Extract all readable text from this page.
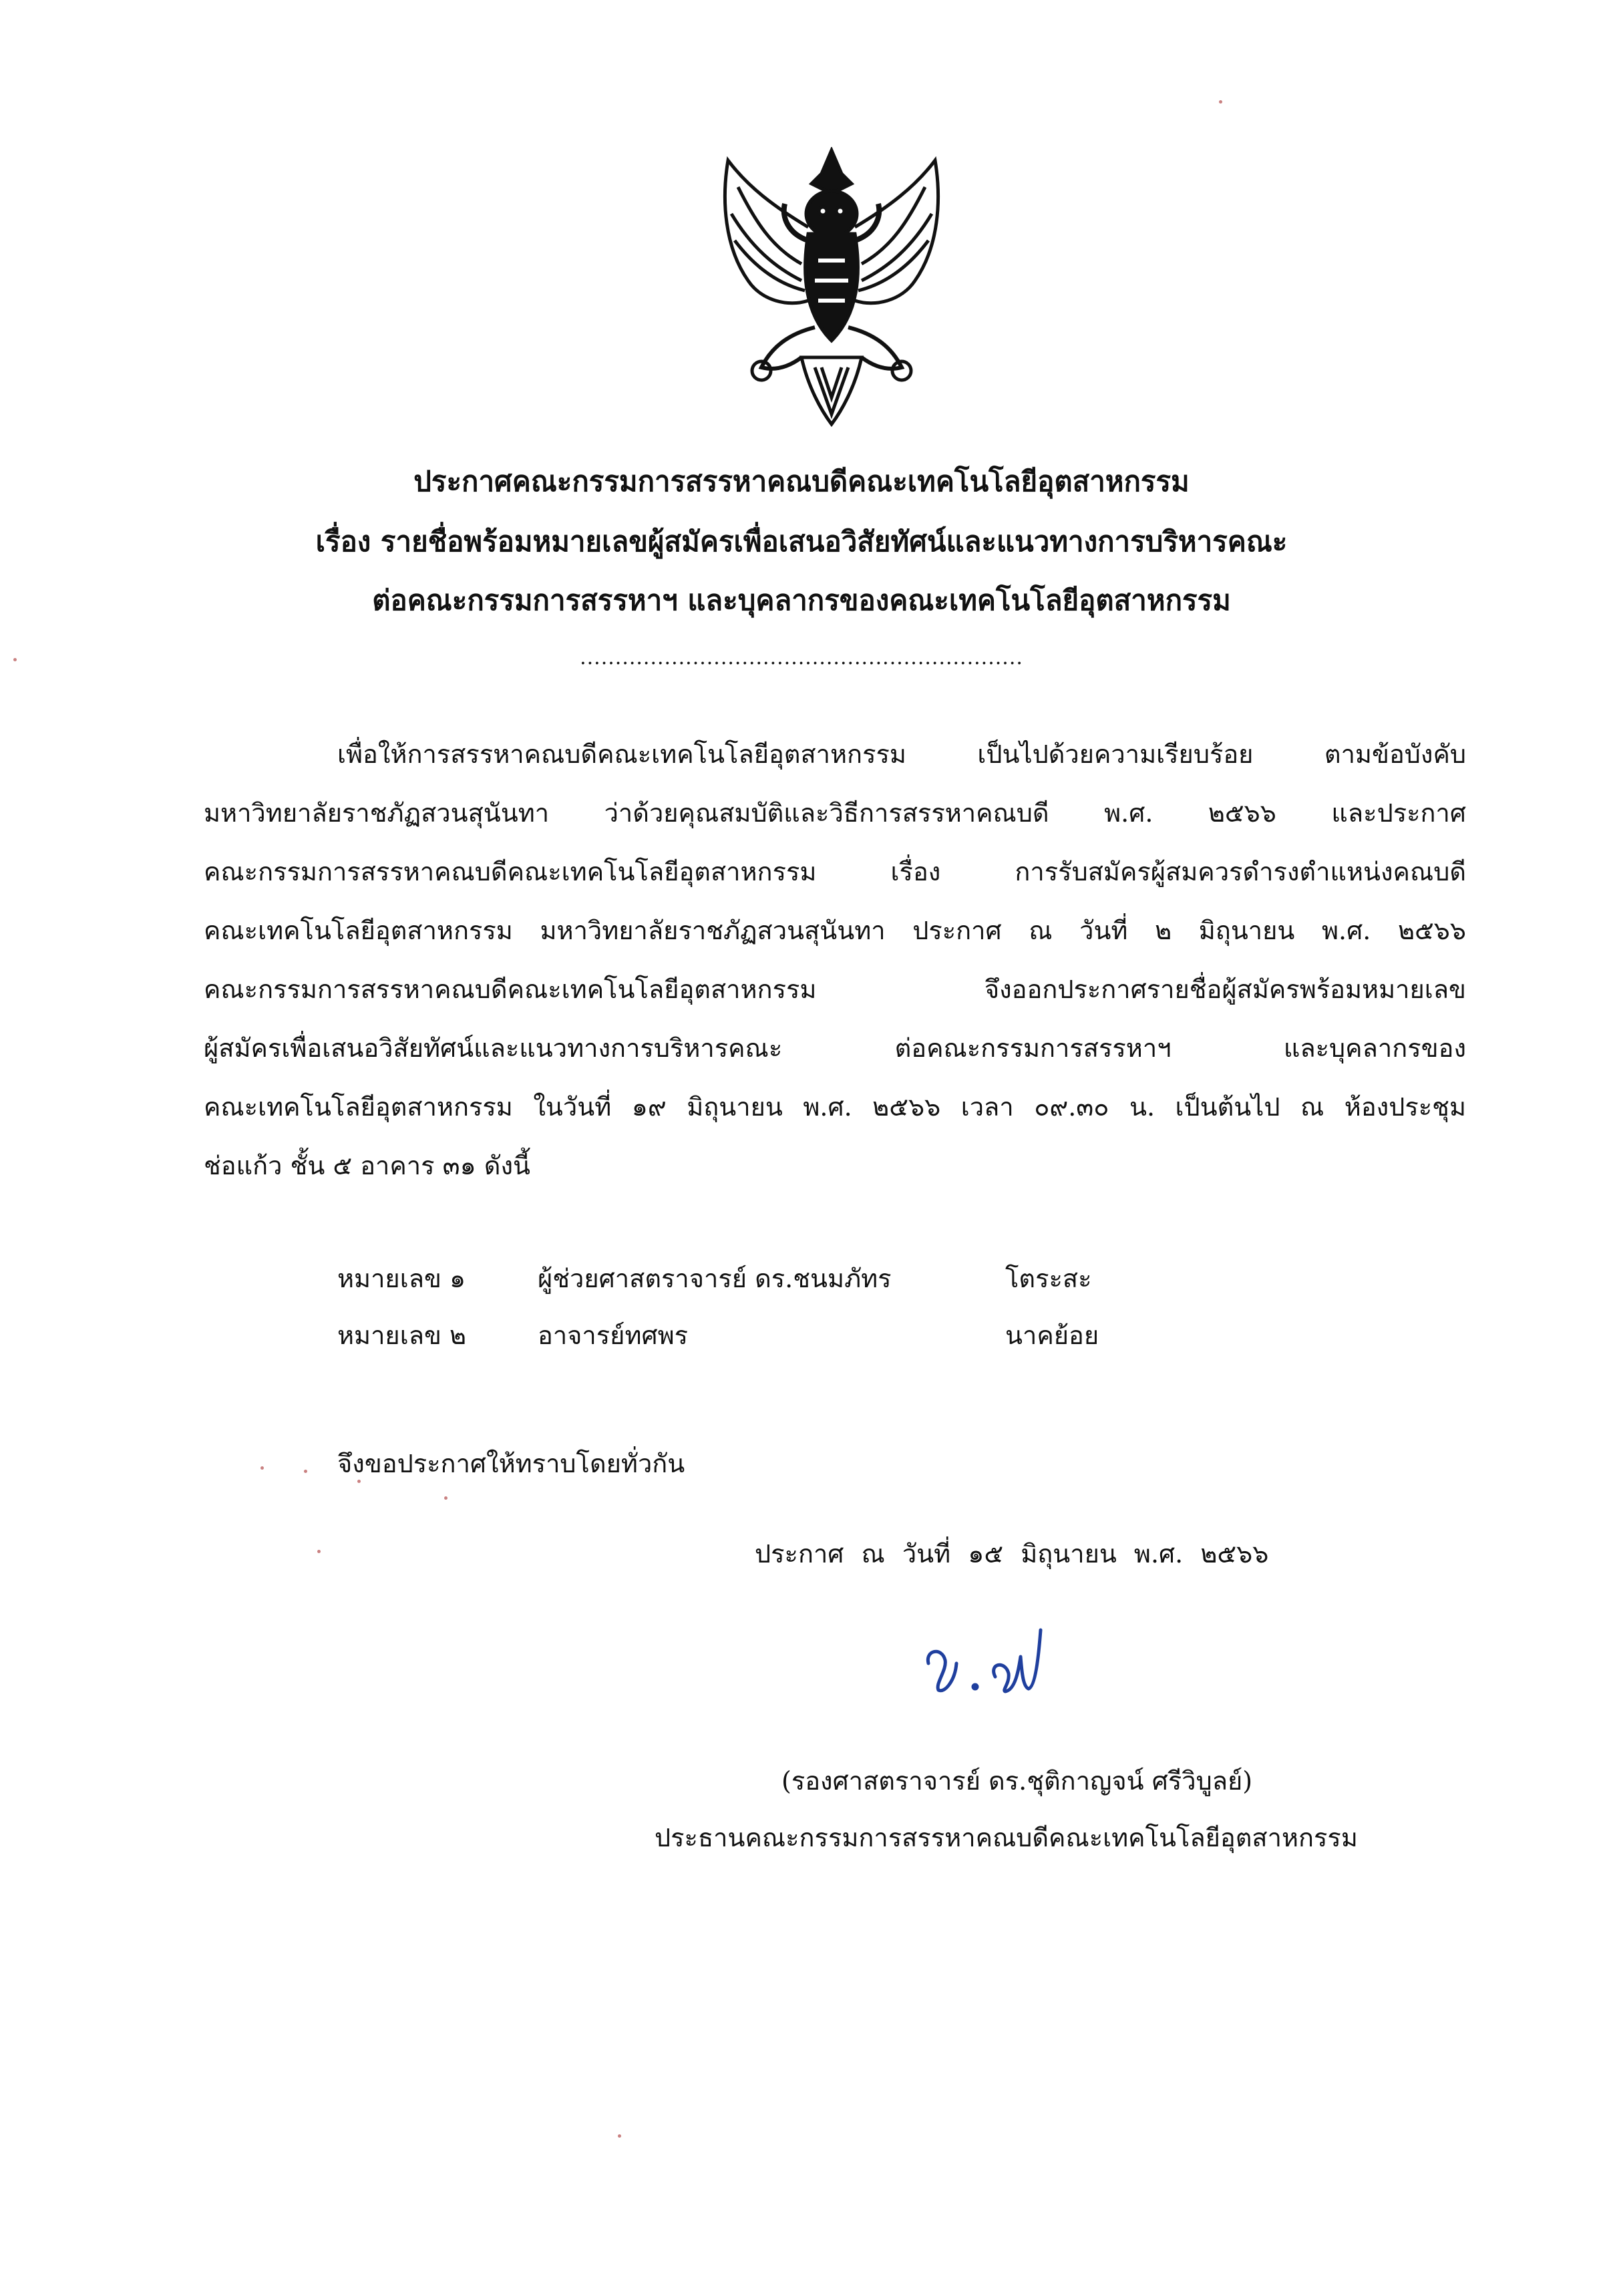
ประกาศคณะกรรมการสรรหาคณบดีคณะเทคโนโลยีอุตสาหกรรม
เรื่อง รายชื่อพร้อมหมายเลขผู้สมัครเพื่อเสนอวิสัยทัศน์และแนวทางการบริหารคณะ
ต่อคณะกรรมการสรรหาฯ และบุคลากรของคณะเทคโนโลยีอุตสาหกรรม
...............................................................
เพื่อให้การสรรหาคณบดีคณะเทคโนโลยีอุตสาหกรรม เป็นไปด้วยความเรียบร้อย ตามข้อบังคับ
มหาวิทยาลัยราชภัฏสวนสุนันทา ว่าด้วยคุณสมบัติและวิธีการสรรหาคณบดี พ.ศ. ๒๕๖๖ และประกาศ
คณะกรรมการสรรหาคณบดีคณะเทคโนโลยีอุตสาหกรรม เรื่อง การรับสมัครผู้สมควรดำรงตำแหน่งคณบดี
คณะเทคโนโลยีอุตสาหกรรม มหาวิทยาลัยราชภัฏสวนสุนันทา ประกาศ ณ วันที่ ๒ มิถุนายน พ.ศ. ๒๕๖๖
คณะกรรมการสรรหาคณบดีคณะเทคโนโลยีอุตสาหกรรม จึงออกประกาศรายชื่อผู้สมัครพร้อมหมายเลข
ผู้สมัครเพื่อเสนอวิสัยทัศน์และแนวทางการบริหารคณะ ต่อคณะกรรมการสรรหาฯ และบุคลากรของ
คณะเทคโนโลยีอุตสาหกรรม ในวันที่ ๑๙ มิถุนายน พ.ศ. ๒๕๖๖ เวลา ๐๙.๓๐ น. เป็นต้นไป ณ ห้องประชุม
ช่อแก้ว ชั้น ๕ อาคาร ๓๑ ดังนี้
หมายเลข ๑	ผู้ช่วยศาสตราจารย์ ดร.ชนมภัทร	โตระสะ
หมายเลข ๒	อาจารย์ทศพร	นาคย้อย
จึงขอประกาศให้ทราบโดยทั่วกัน
ประกาศ ณ วันที่ ๑๕ มิถุนายน พ.ศ. ๒๕๖๖
(รองศาสตราจารย์ ดร.ชุติกาญจน์ ศรีวิบูลย์)
ประธานคณะกรรมการสรรหาคณบดีคณะเทคโนโลยีอุตสาหกรรม
